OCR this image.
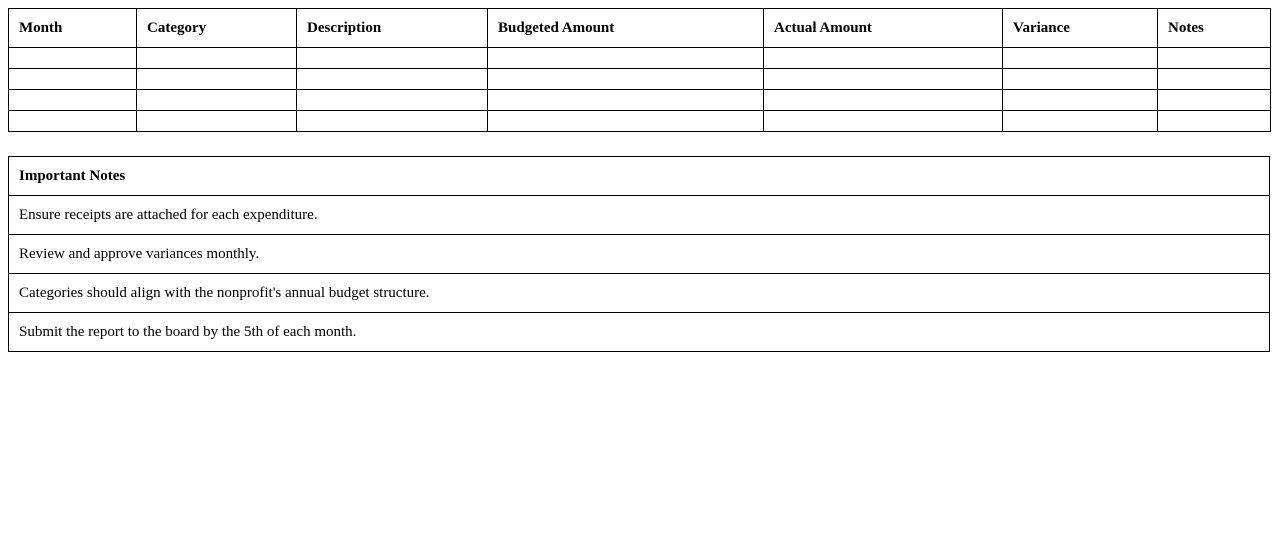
Month	Category	Description	Budgeted Amount	Actual Amount	Variance	Notes

Important Notes
Ensure receipts are attached for each expenditure.
Review and approve variances monthly.
Categories should align with the nonprofit's annual budget structure.
Submit the report to the board by the 5th of each month.
